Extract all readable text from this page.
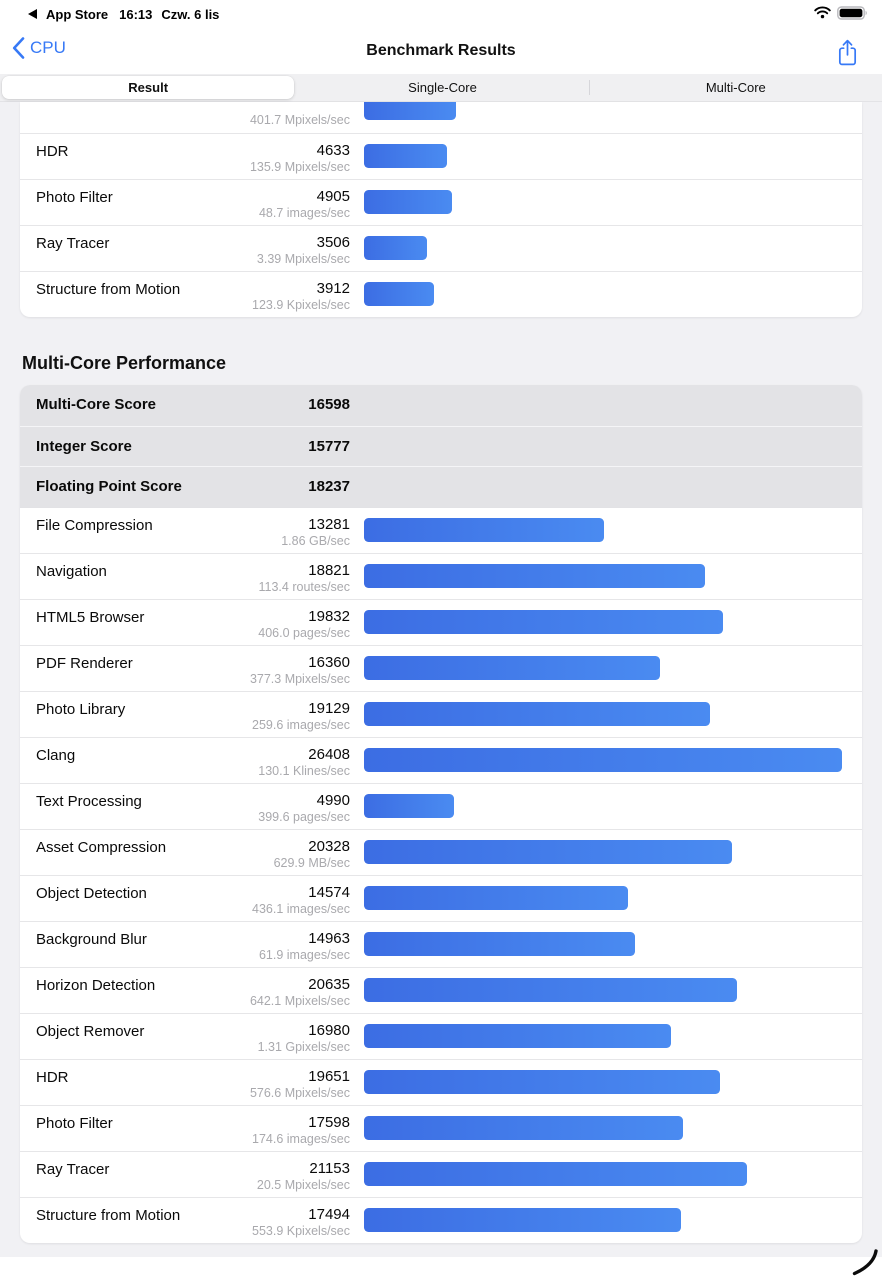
App Store 16:13 Czw. 6 lis
CPU	Benchmark Results
Result	Single-Core	Multi-Core
401.7 Mpixels/sec
HDR	4633
135.9 Mpixels/sec
Photo Filter	4905
48.7 images/sec
Ray Tracer	3506
3.39 Mpixels/sec
Structure from Motion	3912
123.9 Kpixels/sec
Multi-Core Performance
Multi-Core Score	16598
Integer Score	15777
Floating Point Score	18237
File Compression	13281
1.86 GB/sec
Navigation	18821
113.4 routes/sec
HTML5 Browser	19832
406.0 pages/sec
PDF Renderer	16360
377.3 Mpixels/sec
Photo Library	19129
259.6 images/sec
Clang	26408
130.1 Klines/sec
Text Processing	4990
399.6 pages/sec
Asset Compression	20328
629.9 MB/sec
Object Detection	14574
436.1 images/sec
Background Blur	14963
61.9 images/sec
Horizon Detection	20635
642.1 Mpixels/sec
Object Remover	16980
1.31 Gpixels/sec
HDR	19651
576.6 Mpixels/sec
Photo Filter	17598
174.6 images/sec
Ray Tracer	21153
20.5 Mpixels/sec
Structure from Motion	17494
553.9 Kpixels/sec
